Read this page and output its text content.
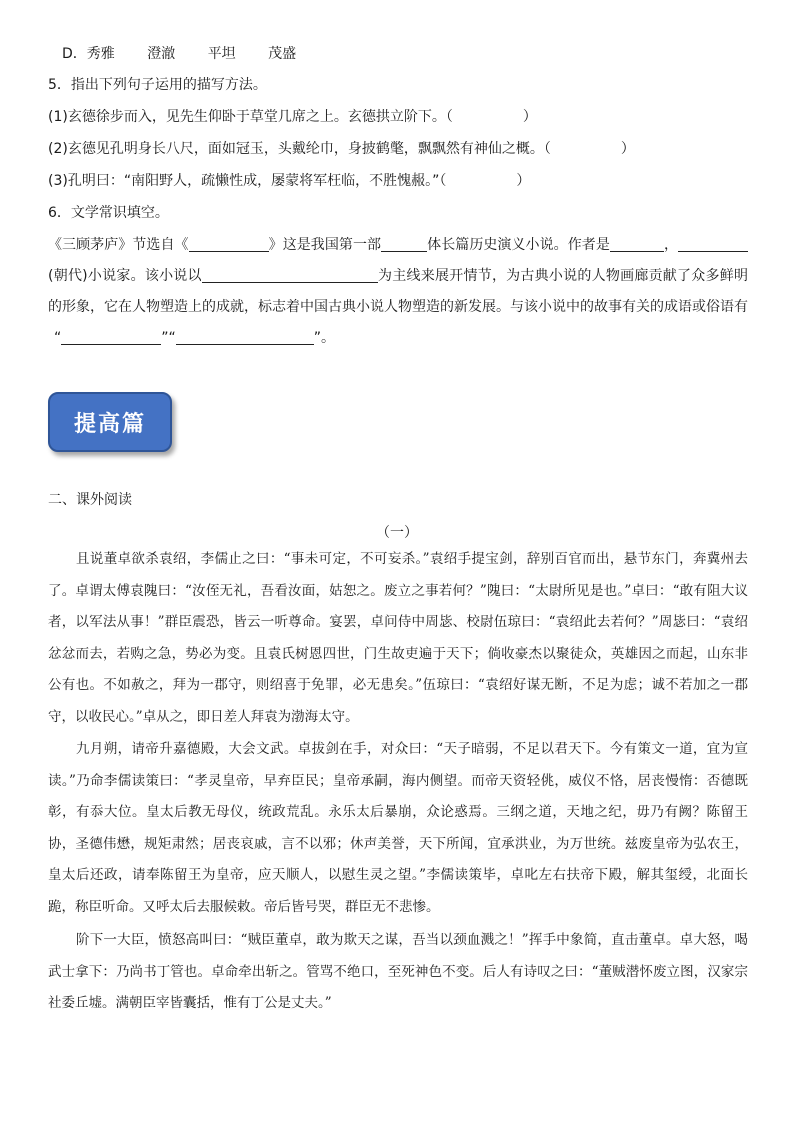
D．秀雅 澄澈 平坦 茂盛
5．指出下列句子运用的描写方法。
(1)玄德徐步而入，见先生仰卧于草堂几席之上。玄德拱立阶下。（　　　　　）
(2)玄德见孔明身长八尺，面如冠玉，头戴纶巾，身披鹤氅，飘飘然有神仙之概。（　　　　　）
(3)孔明曰：“南阳野人，疏懒性成，屡蒙将军枉临，不胜愧赧。”（　　　　　）
6．文学常识填空。
《三顾茅庐》节选自《	》这是我国第一部	体长篇历史演义小说。作者是	，(朝代)小说家。该小说以	为主线来展开情节，为古典小说的人物画廊贡献了众多鲜明的形象，它在人物塑造上的成就，标志着中国古典小说人物塑造的新发展。与该小说中的故事有关的成语或俗语有
“	”“	”。
提高篇
二、课外阅读
（一）

且说董卓欲杀袁绍，李儒止之曰：“事未可定，不可妄杀。”袁绍手提宝剑，辞别百官而出，悬节东门，奔冀州去了。卓谓太傅袁隗曰：“汝侄无礼，吾看汝面，姑恕之。废立之事若何？”隗曰：“太尉所见是也。”卓曰：“敢有阻大议者，以军法从事！”群臣震恐，皆云一听尊命。宴罢，卓问侍中周毖、校尉伍琼曰：“袁绍此去若何？”周毖曰：“袁绍忿忿而去，若购之急，势必为变。且袁氏树恩四世，门生故吏遍于天下；倘收豪杰以聚徒众，英雄因之而起，山东非公有也。不如赦之，拜为一郡守，则绍喜于免罪，必无患矣。”伍琼曰：“袁绍好谋无断，不足为虑；诚不若加之一郡守，以收民心。”卓从之，即日差人拜袁为渤海太守。

九月朔，请帝升嘉德殿，大会文武。卓拔剑在手，对众曰：“天子暗弱，不足以君天下。今有策文一道，宜为宣读。”乃命李儒读策曰：“孝灵皇帝，早弃臣民；皇帝承嗣，海内侧望。而帝天资轻佻，威仪不恪，居丧慢惰：否德既彰，有忝大位。皇太后教无母仪，统政荒乱。永乐太后暴崩，众论惑焉。三纲之道，天地之纪，毋乃有阙？陈留王协，圣德伟懋，规矩肃然；居丧哀戚，言不以邪；休声美誉，天下所闻，宜承洪业，为万世统。兹废皇帝为弘农王，皇太后还政，请奉陈留王为皇帝，应天顺人，以慰生灵之望。”李儒读策毕，卓叱左右扶帝下殿，解其玺绶，北面长跪，称臣听命。又呼太后去服候敕。帝后皆号哭，群臣无不悲惨。

阶下一大臣，愤怒高叫曰：“贼臣董卓，敢为欺天之谋，吾当以颈血溅之！”挥手中象简，直击董卓。卓大怒，喝武士拿下：乃尚书丁管也。卓命牵出斩之。管骂不绝口，至死神色不变。后人有诗叹之曰：“董贼潜怀废立图，汉家宗社委丘墟。满朝臣宰皆囊括，惟有丁公是丈夫。”
